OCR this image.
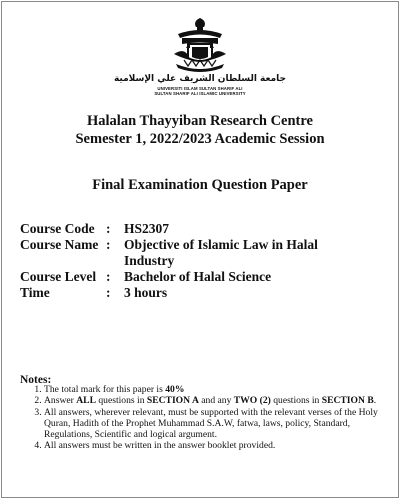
جامعة السلطان الشريف علي الإسلامية
UNIVERSITI ISLAM SULTAN SHARIF ALI
SULTAN SHARIF ALI ISLAMIC UNIVERSITY
Halalan Thayyiban Research Centre
Semester 1, 2022/2023 Academic Session
Final Examination Question Paper
Course Code : HS2307
Course Name : Objective of Islamic Law in Halal Industry
Course Level : Bachelor of Halal Science
Time	: 3 hours
Notes:
1. The total mark for this paper is 40%
2. Answer ALL questions in SECTION A and any TWO (2) questions in SECTION B.
3. All answers, wherever relevant, must be supported with the relevant verses of the Holy Quran, Hadith of the Prophet Muhammad S.A.W, fatwa, laws, policy, Standard, Regulations, Scientific and logical argument.
4. All answers must be written in the answer booklet provided.
